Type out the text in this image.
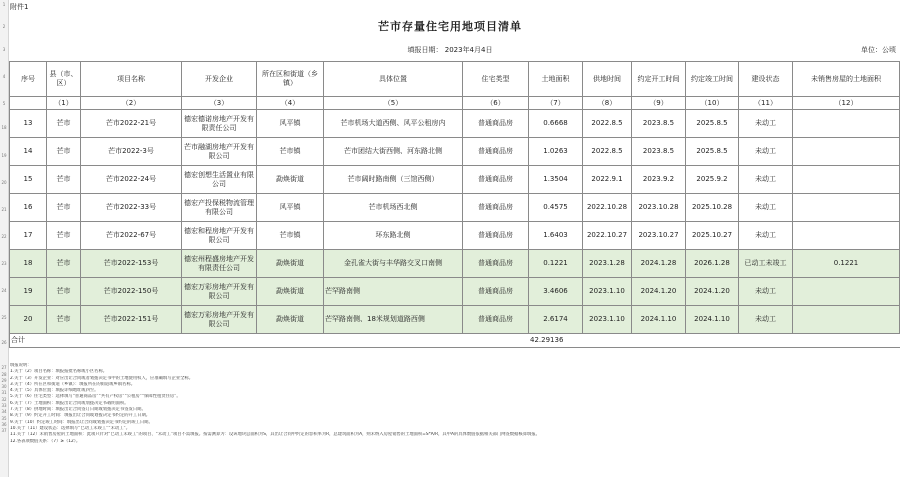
1
2
3
4
5
18
19
20
21
22
23
24
25
26
27
28
29
30
31
32
33
34
35
36
37
附件1
芒市存量住宅用地项目清单
填报日期： 2023年4月4日	单位：公顷
序号	县（市、区）	项目名称	开发企业	所在区和街道（乡镇）	具体位置	住宅类型	土地面积	供地时间	约定开工时间	约定竣工时间	建设状态	未销售房屋的土地面积
	（1）	（2）	（3）	（4）	（5）	（6）	（7）	（8）	（9）	（10）	（11）	（12）
13	芒市	芒市2022-21号	德宏德诺房地产开发有限责任公司	风平镇	芒市机场大道西侧、风平公租房内	普通商品房	0.6668	2022.8.5	2023.8.5	2025.8.5	未动工	
14	芒市	芒市2022-3号	芒市融湖房地产开发有限公司	芒市镇	芒市团结大街西侧、河东路北侧	普通商品房	1.0263	2022.8.5	2023.8.5	2025.8.5	未动工	
15	芒市	芒市2022-24号	德宏创想生活置业有限公司	勐焕街道	芒市阔时路南侧（三馆西侧）	普通商品房	1.3504	2022.9.1	2023.9.2	2025.9.2	未动工	
16	芒市	芒市2022-33号	德宏产投保税物流管理有限公司	风平镇	芒市机场西北侧	普通商品房	0.4575	2022.10.28	2023.10.28	2025.10.28	未动工	
17	芒市	芒市2022-67号	德宏和程房地产开发有限公司	芒市镇	环东路北侧	普通商品房	1.6403	2022.10.27	2023.10.27	2025.10.27	未动工	
18	芒市	芒市2022-153号	德宏州程盛房地产开发有限责任公司	勐焕街道	金孔雀大街与丰华路交叉口南侧	普通商品房	0.1221	2023.1.28	2024.1.28	2026.1.28	已动工未竣工	0.1221
19	芒市	芒市2022-150号	德宏万彩房地产开发有限公司	勐焕街道	芒罕路南侧	普通商品房	3.4606	2023.1.10	2024.1.20	2024.1.20	未动工	
20	芒市	芒市2022-151号	德宏万彩房地产开发有限公司	勐焕街道	芒罕路南侧、18米规划道路西侧	普通商品房	2.6174	2023.1.10	2024.1.10	2024.1.10	未动工	
合计							42.29136					
填报说明：
1.关于（2）项目名称：填报报批名称或小区名称。
2.关于（3）开发企业：对应出让合同或者划拨决定书中的土地使用权人，应准确填写企业全称。
3.关于（4）所在区和街道（乡镇）：填报所在的街道或乡镇名称。
4.关于（5）具体位置：填报详细地址或四至。
5.关于（6）住宅类型：选择填写“普通商品房”“共有产权房”“公租房”“保障性租赁住房”。
6.关于（7）土地面积：填报出让合同或划拨决定书载明面积。
7.关于（8）供地时间：填报出让合同签订日期或划拨决定书签发日期。
8.关于（9）约定开工时间：填报出让合同或划拨决定书约定的开工日期。
9.关于（10）约定竣工时间：填报出让合同或划拨决定书约定的竣工日期。
10.关于（11）建设状态：选择填写“已动工未竣工”“未动工”。
11.关于（12）未销售房屋的土地面积：此项只针对“已动工未竣工”的项目、“未动工”项目不需填报。按需测算为：设该地块总面积为S，其出让合同中约定的容积率为R，总建筑面积为A，则未纳入房屋销售的土地面积=S*A/R，其中A的具体数值依据相关部门网签数据核算填报。
12.各表项数值关系：（7）≥（12）。
